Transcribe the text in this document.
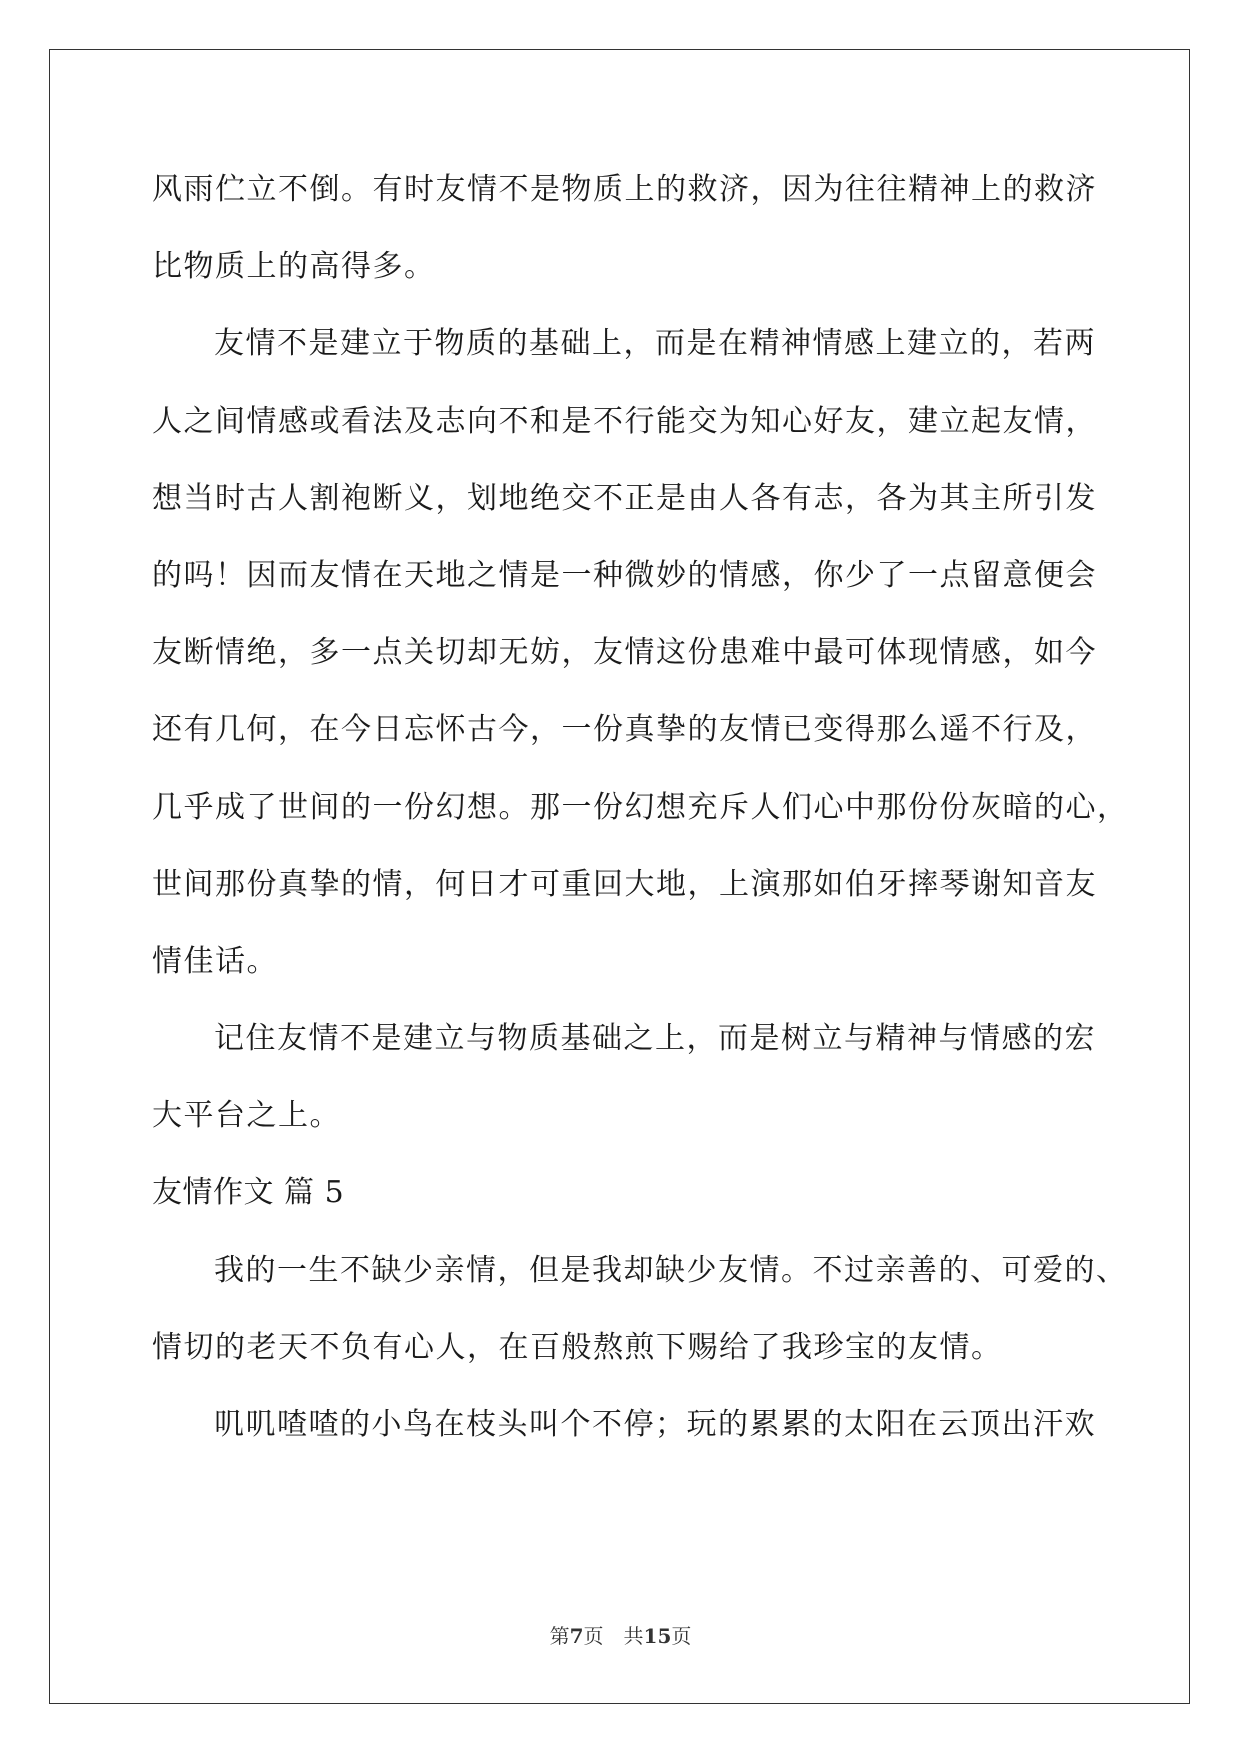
风雨伫立不倒。有时友情不是物质上的救济，因为往往精神上的救济
比物质上的高得多。
友情不是建立于物质的基础上，而是在精神情感上建立的，若两
人之间情感或看法及志向不和是不行能交为知心好友，建立起友情，
想当时古人割袍断义，划地绝交不正是由人各有志，各为其主所引发
的吗！因而友情在天地之情是一种微妙的情感，你少了一点留意便会
友断情绝，多一点关切却无妨，友情这份患难中最可体现情感，如今
还有几何，在今日忘怀古今，一份真挚的友情已变得那么遥不行及，
几乎成了世间的一份幻想。那一份幻想充斥人们心中那份份灰暗的心，
世间那份真挚的情，何日才可重回大地，上演那如伯牙摔琴谢知音友
情佳话。
记住友情不是建立与物质基础之上，而是树立与精神与情感的宏
大平台之上。
友情作文 篇 5
我的一生不缺少亲情，但是我却缺少友情。不过亲善的、可爱的、
情切的老天不负有心人，在百般熬煎下赐给了我珍宝的友情。
叽叽喳喳的小鸟在枝头叫个不停；玩的累累的太阳在云顶出汗欢
第7页 共15页
